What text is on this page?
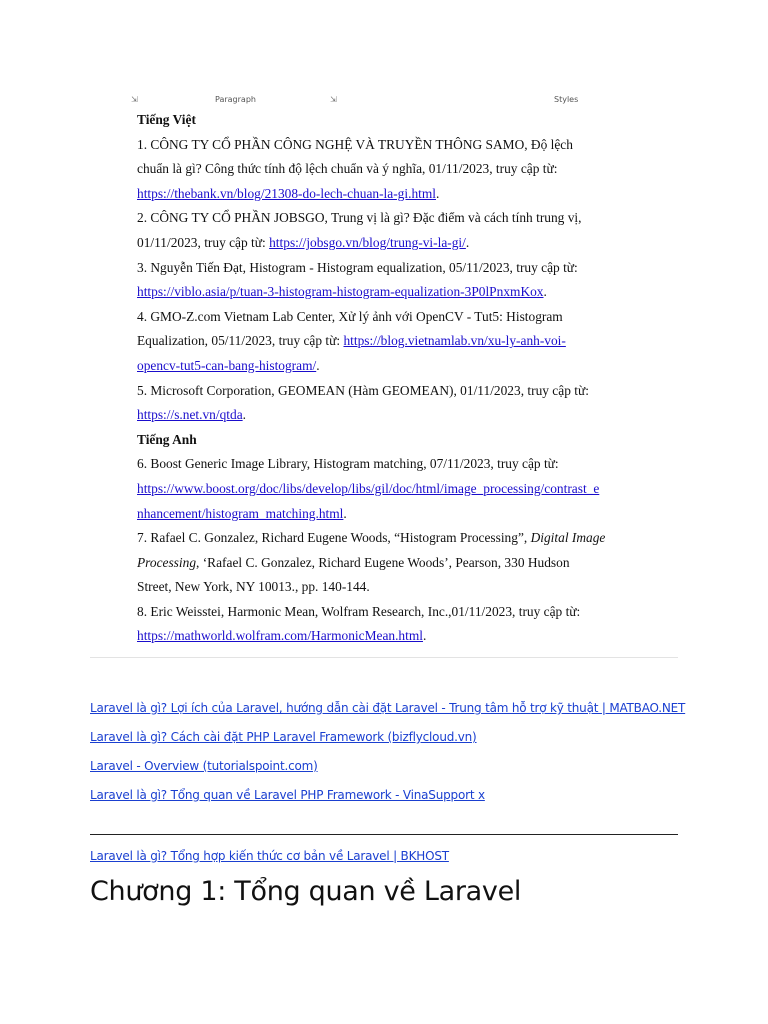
⇲	Paragraph	⇲	Styles

Tiếng Việt

1. CÔNG TY CỔ PHẦN CÔNG NGHỆ VÀ TRUYỀN THÔNG SAMO, Độ lệch

chuẩn là gì? Công thức tính độ lệch chuẩn và ý nghĩa, 01/11/2023, truy cập từ:

https://thebank.vn/blog/21308-do-lech-chuan-la-gi.html.

2. CÔNG TY CỔ PHẦN JOBSGO, Trung vị là gì? Đặc điểm và cách tính trung vị,

01/11/2023, truy cập từ: https://jobsgo.vn/blog/trung-vi-la-gi/.

3. Nguyễn Tiến Đạt, Histogram - Histogram equalization, 05/11/2023, truy cập từ:

https://viblo.asia/p/tuan-3-histogram-histogram-equalization-3P0lPnxmKox.

4. GMO-Z.com Vietnam Lab Center, Xử lý ảnh với OpenCV - Tut5: Histogram

Equalization, 05/11/2023, truy cập từ: https://blog.vietnamlab.vn/xu-ly-anh-voi-

opencv-tut5-can-bang-histogram/.

5. Microsoft Corporation, GEOMEAN (Hàm GEOMEAN), 01/11/2023, truy cập từ:

https://s.net.vn/qtda.

Tiếng Anh

6. Boost Generic Image Library, Histogram matching, 07/11/2023, truy cập từ:

https://www.boost.org/doc/libs/develop/libs/gil/doc/html/image_processing/contrast_e

nhancement/histogram_matching.html.

7. Rafael C. Gonzalez, Richard Eugene Woods, “Histogram Processing”, Digital Image

Processing, ‘Rafael C. Gonzalez, Richard Eugene Woods’, Pearson, 330 Hudson

Street, New York, NY 10013., pp. 140-144.

8. Eric Weisstei, Harmonic Mean, Wolfram Research, Inc.,01/11/2023, truy cập từ:

https://mathworld.wolfram.com/HarmonicMean.html.

Laravel là gì? Lợi ích của Laravel, hướng dẫn cài đặt Laravel - Trung tâm hỗ trợ kỹ thuật | MATBAO.NET
Laravel là gì? Cách cài đặt PHP Laravel Framework (bizflycloud.vn)
Laravel - Overview (tutorialspoint.com)
Laravel là gì? Tổng quan về Laravel PHP Framework - VinaSupport x
Laravel là gì? Tổng hợp kiến thức cơ bản về Laravel | BKHOST
Chương 1: Tổng quan về Laravel
